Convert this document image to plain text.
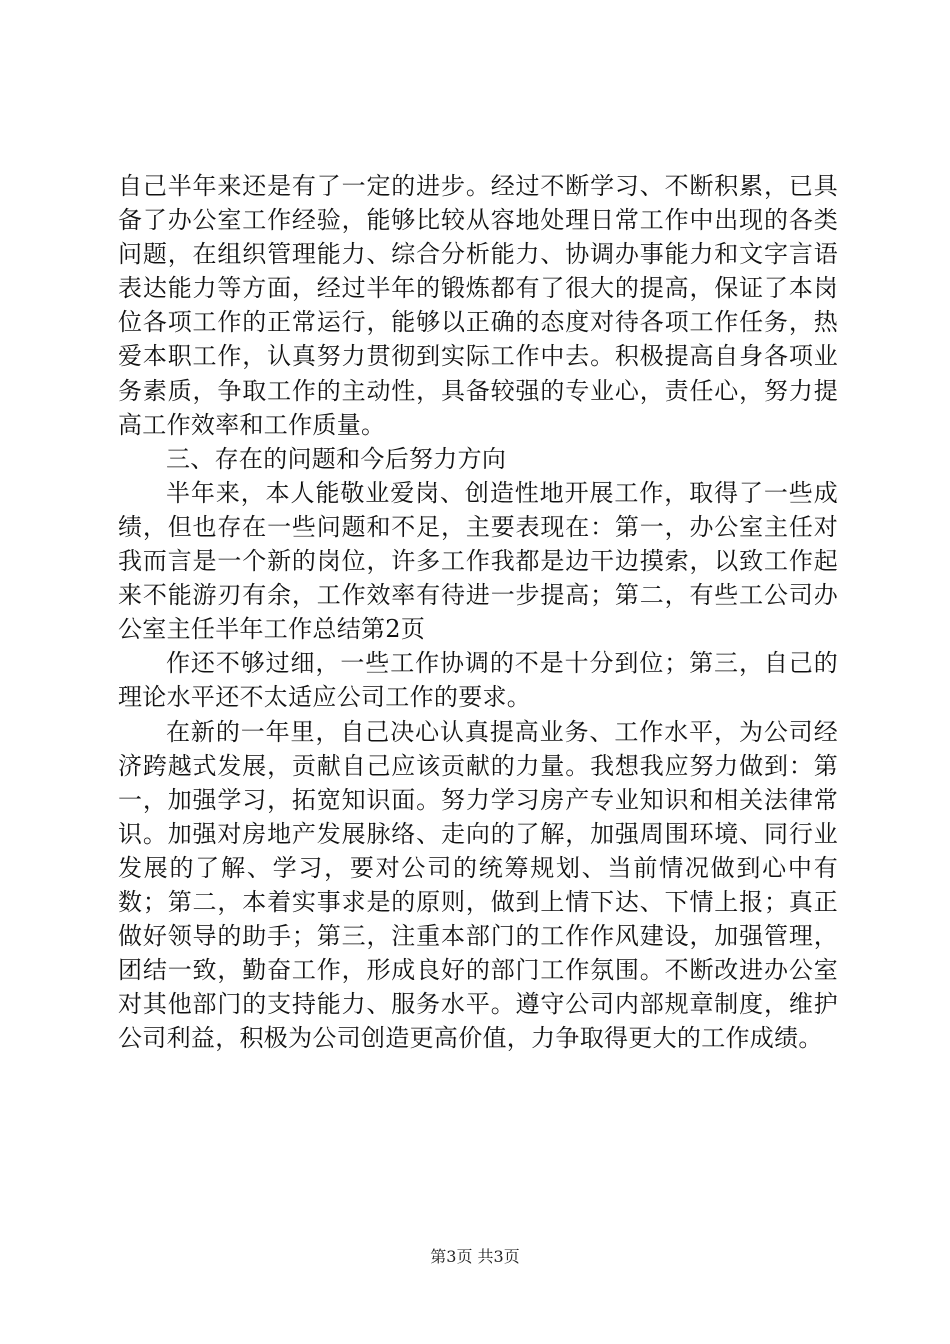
自己半年来还是有了一定的进步。经过不断学习、不断积累，已具备了办公室工作经验，能够比较从容地处理日常工作中出现的各类问题，在组织管理能力、综合分析能力、协调办事能力和文字言语表达能力等方面，经过半年的锻炼都有了很大的提高，保证了本岗位各项工作的正常运行，能够以正确的态度对待各项工作任务，热爱本职工作，认真努力贯彻到实际工作中去。积极提高自身各项业务素质，争取工作的主动性，具备较强的专业心，责任心，努力提高工作效率和工作质量。

三、存在的问题和今后努力方向

半年来，本人能敬业爱岗、创造性地开展工作，取得了一些成绩，但也存在一些问题和不足，主要表现在：第一，办公室主任对我而言是一个新的岗位，许多工作我都是边干边摸索，以致工作起来不能游刃有余，工作效率有待进一步提高；第二，有些工公司办公室主任半年工作总结第2页

作还不够过细，一些工作协调的不是十分到位；第三，自己的理论水平还不太适应公司工作的要求。

在新的一年里，自己决心认真提高业务、工作水平，为公司经济跨越式发展，贡献自己应该贡献的力量。我想我应努力做到：第一，加强学习，拓宽知识面。努力学习房产专业知识和相关法律常识。加强对房地产发展脉络、走向的了解，加强周围环境、同行业发展的了解、学习，要对公司的统筹规划、当前情况做到心中有数；第二，本着实事求是的原则，做到上情下达、下情上报；真正做好领导的助手；第三，注重本部门的工作作风建设，加强管理，团结一致，勤奋工作，形成良好的部门工作氛围。不断改进办公室对其他部门的支持能力、服务水平。遵守公司内部规章制度，维护公司利益，积极为公司创造更高价值，力争取得更大的工作成绩。

第3页 共3页
